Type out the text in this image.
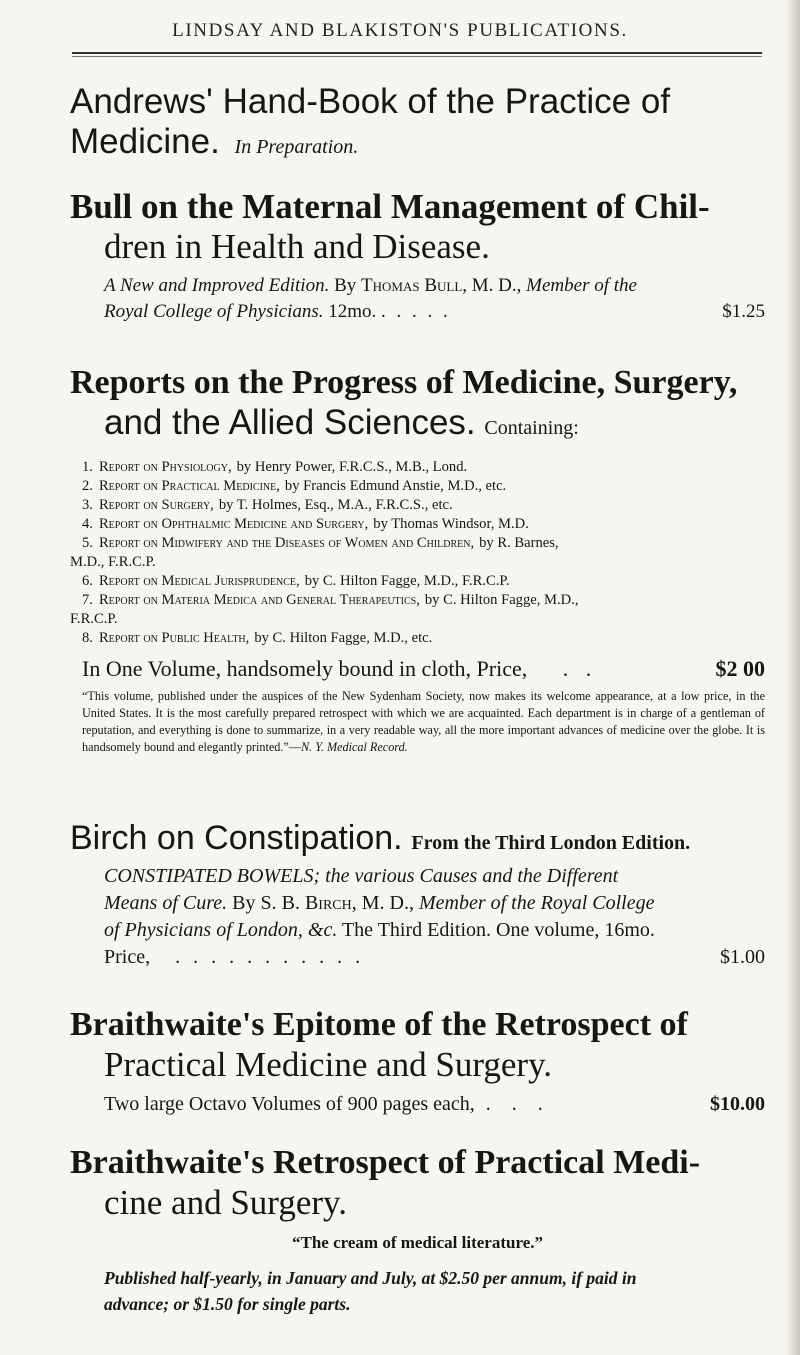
LINDSAY AND BLAKISTON'S PUBLICATIONS.
Andrews' Hand-Book of the Practice of
Medicine. In Preparation.
Bull on the Maternal Management of Chil-
dren in Health and Disease.
A New and Improved Edition. By Thomas Bull, M. D., Member of the
Royal College of Physicians. 12mo. . . . . .	$1.25
Reports on the Progress of Medicine, Surgery,
and the Allied Sciences. Containing:
1. Report on Physiology, by Henry Power, F.R.C.S., M.B., Lond.
2. Report on Practical Medicine, by Francis Edmund Anstie, M.D., etc.
3. Report on Surgery, by T. Holmes, Esq., M.A., F.R.C.S., etc.
4. Report on Ophthalmic Medicine and Surgery, by Thomas Windsor, M.D.
5. Report on Midwifery and the Diseases of Women and Children, by R. Barnes,
M.D., F.R.C.P.
6. Report on Medical Jurisprudence, by C. Hilton Fagge, M.D., F.R.C.P.
7. Report on Materia Medica and General Therapeutics, by C. Hilton Fagge, M.D.,
F.R.C.P.
8. Report on Public Health, by C. Hilton Fagge, M.D., etc.
In One Volume, handsomely bound in cloth, Price, . .	$2 00
“This volume, published under the auspices of the New Sydenham Society, now makes its welcome appearance, at a low price, in the United States. It is the most carefully prepared retrospect with which we are acquainted. Each department is in charge of a gentleman of reputation, and everything is done to summarize, in a very readable way, all the more important advances of medicine over the globe. It is handsomely bound and elegantly printed.”—N. Y. Medical Record.
Birch on Constipation. From the Third London Edition.
CONSTIPATED BOWELS; the various Causes and the Different
Means of Cure. By S. B. Birch, M. D., Member of the Royal College
of Physicians of London, &c. The Third Edition. One volume, 16mo.

Price, . . . . . . . . . . .	$1.00
Braithwaite's Epitome of the Retrospect of
Practical Medicine and Surgery.
Two large Octavo Volumes of 900 pages each, . . .	$10.00
Braithwaite's Retrospect of Practical Medi-
cine and Surgery.
“The cream of medical literature.”
Published half-yearly, in January and July, at $2.50 per annum, if paid in
advance; or $1.50 for single parts.
